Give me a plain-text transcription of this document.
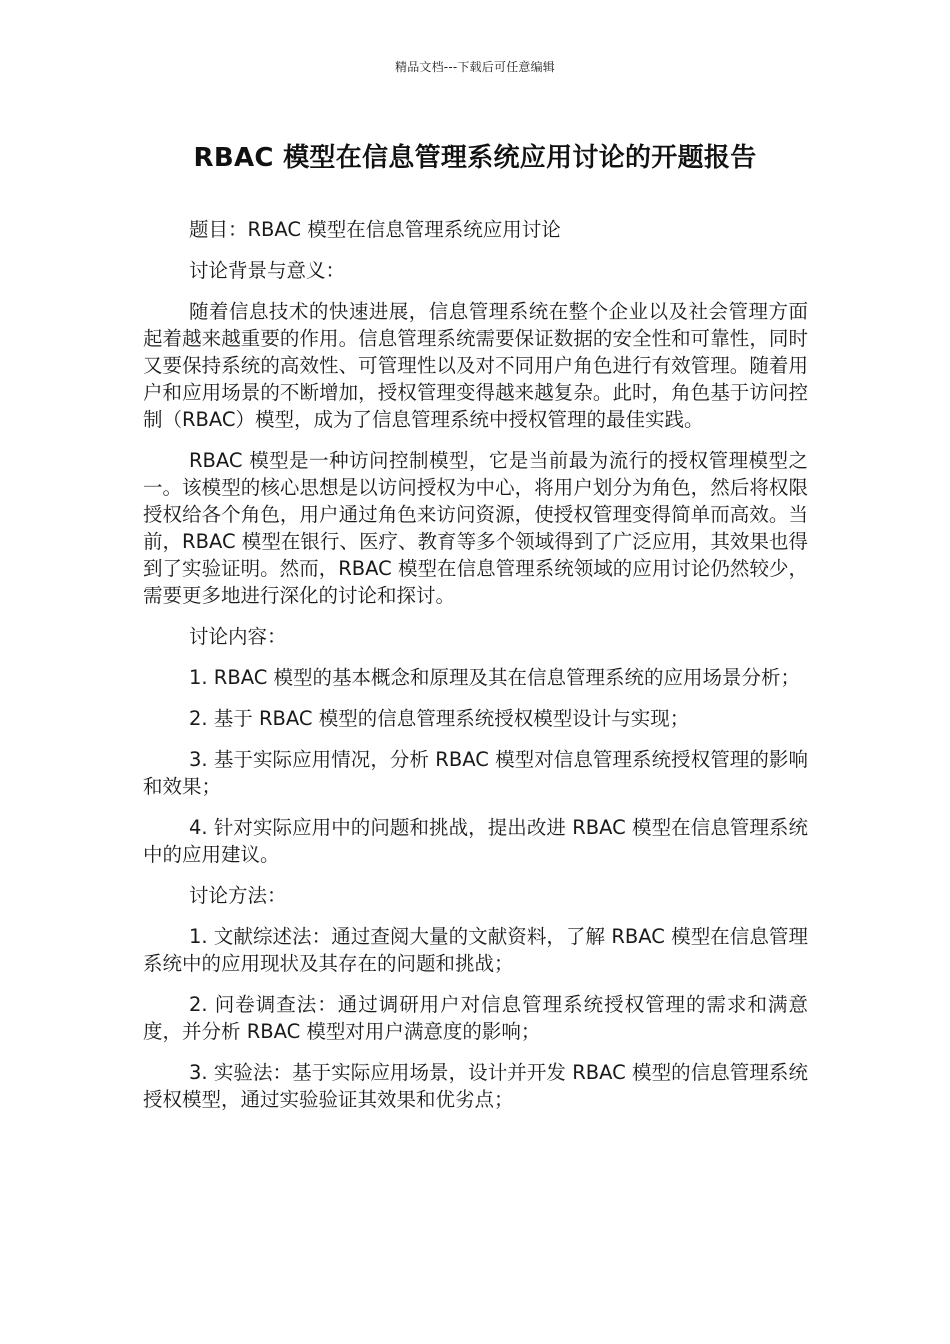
精品文档---下载后可任意编辑
RBAC 模型在信息管理系统应用讨论的开题报告

题目：RBAC 模型在信息管理系统应用讨论

讨论背景与意义：

随着信息技术的快速进展，信息管理系统在整个企业以及社会管理方面起着越来越重要的作用。信息管理系统需要保证数据的安全性和可靠性，同时又要保持系统的高效性、可管理性以及对不同用户角色进行有效管理。随着用户和应用场景的不断增加，授权管理变得越来越复杂。此时，角色基于访问控制（RBAC）模型，成为了信息管理系统中授权管理的最佳实践。

RBAC 模型是一种访问控制模型，它是当前最为流行的授权管理模型之一。该模型的核心思想是以访问授权为中心，将用户划分为角色，然后将权限授权给各个角色，用户通过角色来访问资源，使授权管理变得简单而高效。当前，RBAC 模型在银行、医疗、教育等多个领域得到了广泛应用，其效果也得到了实验证明。然而，RBAC 模型在信息管理系统领域的应用讨论仍然较少，需要更多地进行深化的讨论和探讨。

讨论内容：

1. RBAC 模型的基本概念和原理及其在信息管理系统的应用场景分析；

2. 基于 RBAC 模型的信息管理系统授权模型设计与实现；

3. 基于实际应用情况，分析 RBAC 模型对信息管理系统授权管理的影响和效果；

4. 针对实际应用中的问题和挑战，提出改进 RBAC 模型在信息管理系统中的应用建议。

讨论方法：

1. 文献综述法：通过查阅大量的文献资料，了解 RBAC 模型在信息管理系统中的应用现状及其存在的问题和挑战；

2. 问卷调查法：通过调研用户对信息管理系统授权管理的需求和满意度，并分析 RBAC 模型对用户满意度的影响；

3. 实验法：基于实际应用场景，设计并开发 RBAC 模型的信息管理系统授权模型，通过实验验证其效果和优劣点；
